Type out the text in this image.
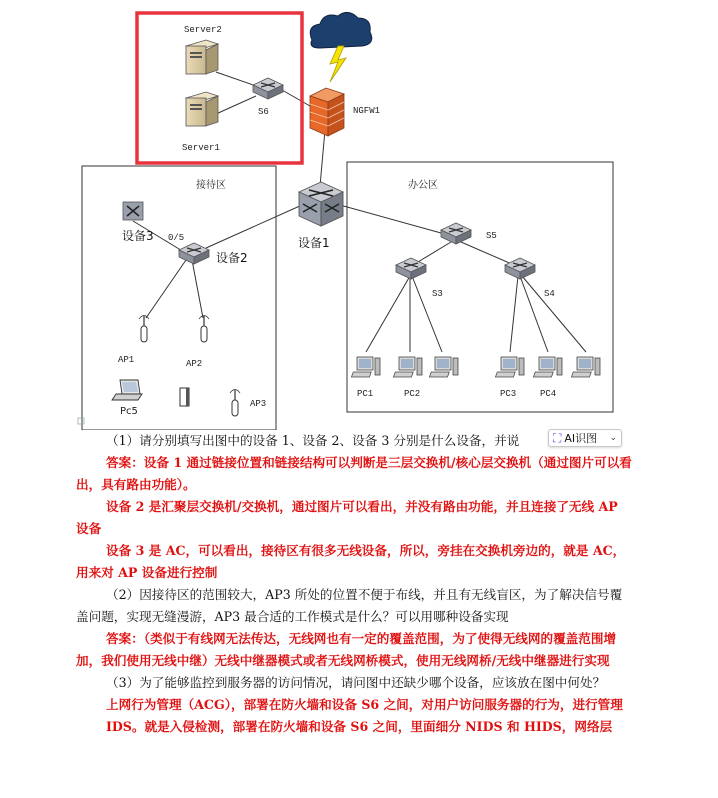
Server2
Server1
S6	NGFW1
接待区	办公区
设备1
设备3 0/5
设备2
S5
S3	S4
AP1	AP2
AP3
Pc5
PC1	PC2	PC3	PC4

（1）请分别填写出图中的设备 1、设备 2、设备 3 分别是什么设备，并说

答案：设备 1 通过链接位置和链接结构可以判断是三层交换机/核心层交换机（通过图片可以看出，具有路由功能）。

设备 2 是汇聚层交换机/交换机，通过图片可以看出，并没有路由功能，并且连接了无线 AP 设备

设备 3 是 AC，可以看出，接待区有很多无线设备，所以，旁挂在交换机旁边的，就是 AC，用来对 AP 设备进行控制

（2）因接待区的范围较大，AP3 所处的位置不便于布线，并且有无线盲区，为了解决信号覆盖问题，实现无缝漫游，AP3 最合适的工作模式是什么？可以用哪种设备实现

答案：（类似于有线网无法传达，无线网也有一定的覆盖范围，为了使得无线网的覆盖范围增加，我们使用无线中继）无线中继器模式或者无线网桥模式，使用无线网桥/无线中继器进行实现

（3）为了能够监控到服务器的访问情况，请问图中还缺少哪个设备，应该放在图中何处？

上网行为管理（ACG），部署在防火墙和设备 S6 之间，对用户访问服务器的行为，进行管理

IDS。就是入侵检测，部署在防火墙和设备 S6 之间，里面细分 NIDS 和 HIDS，网络层

⛶ AI识图 ⌄
